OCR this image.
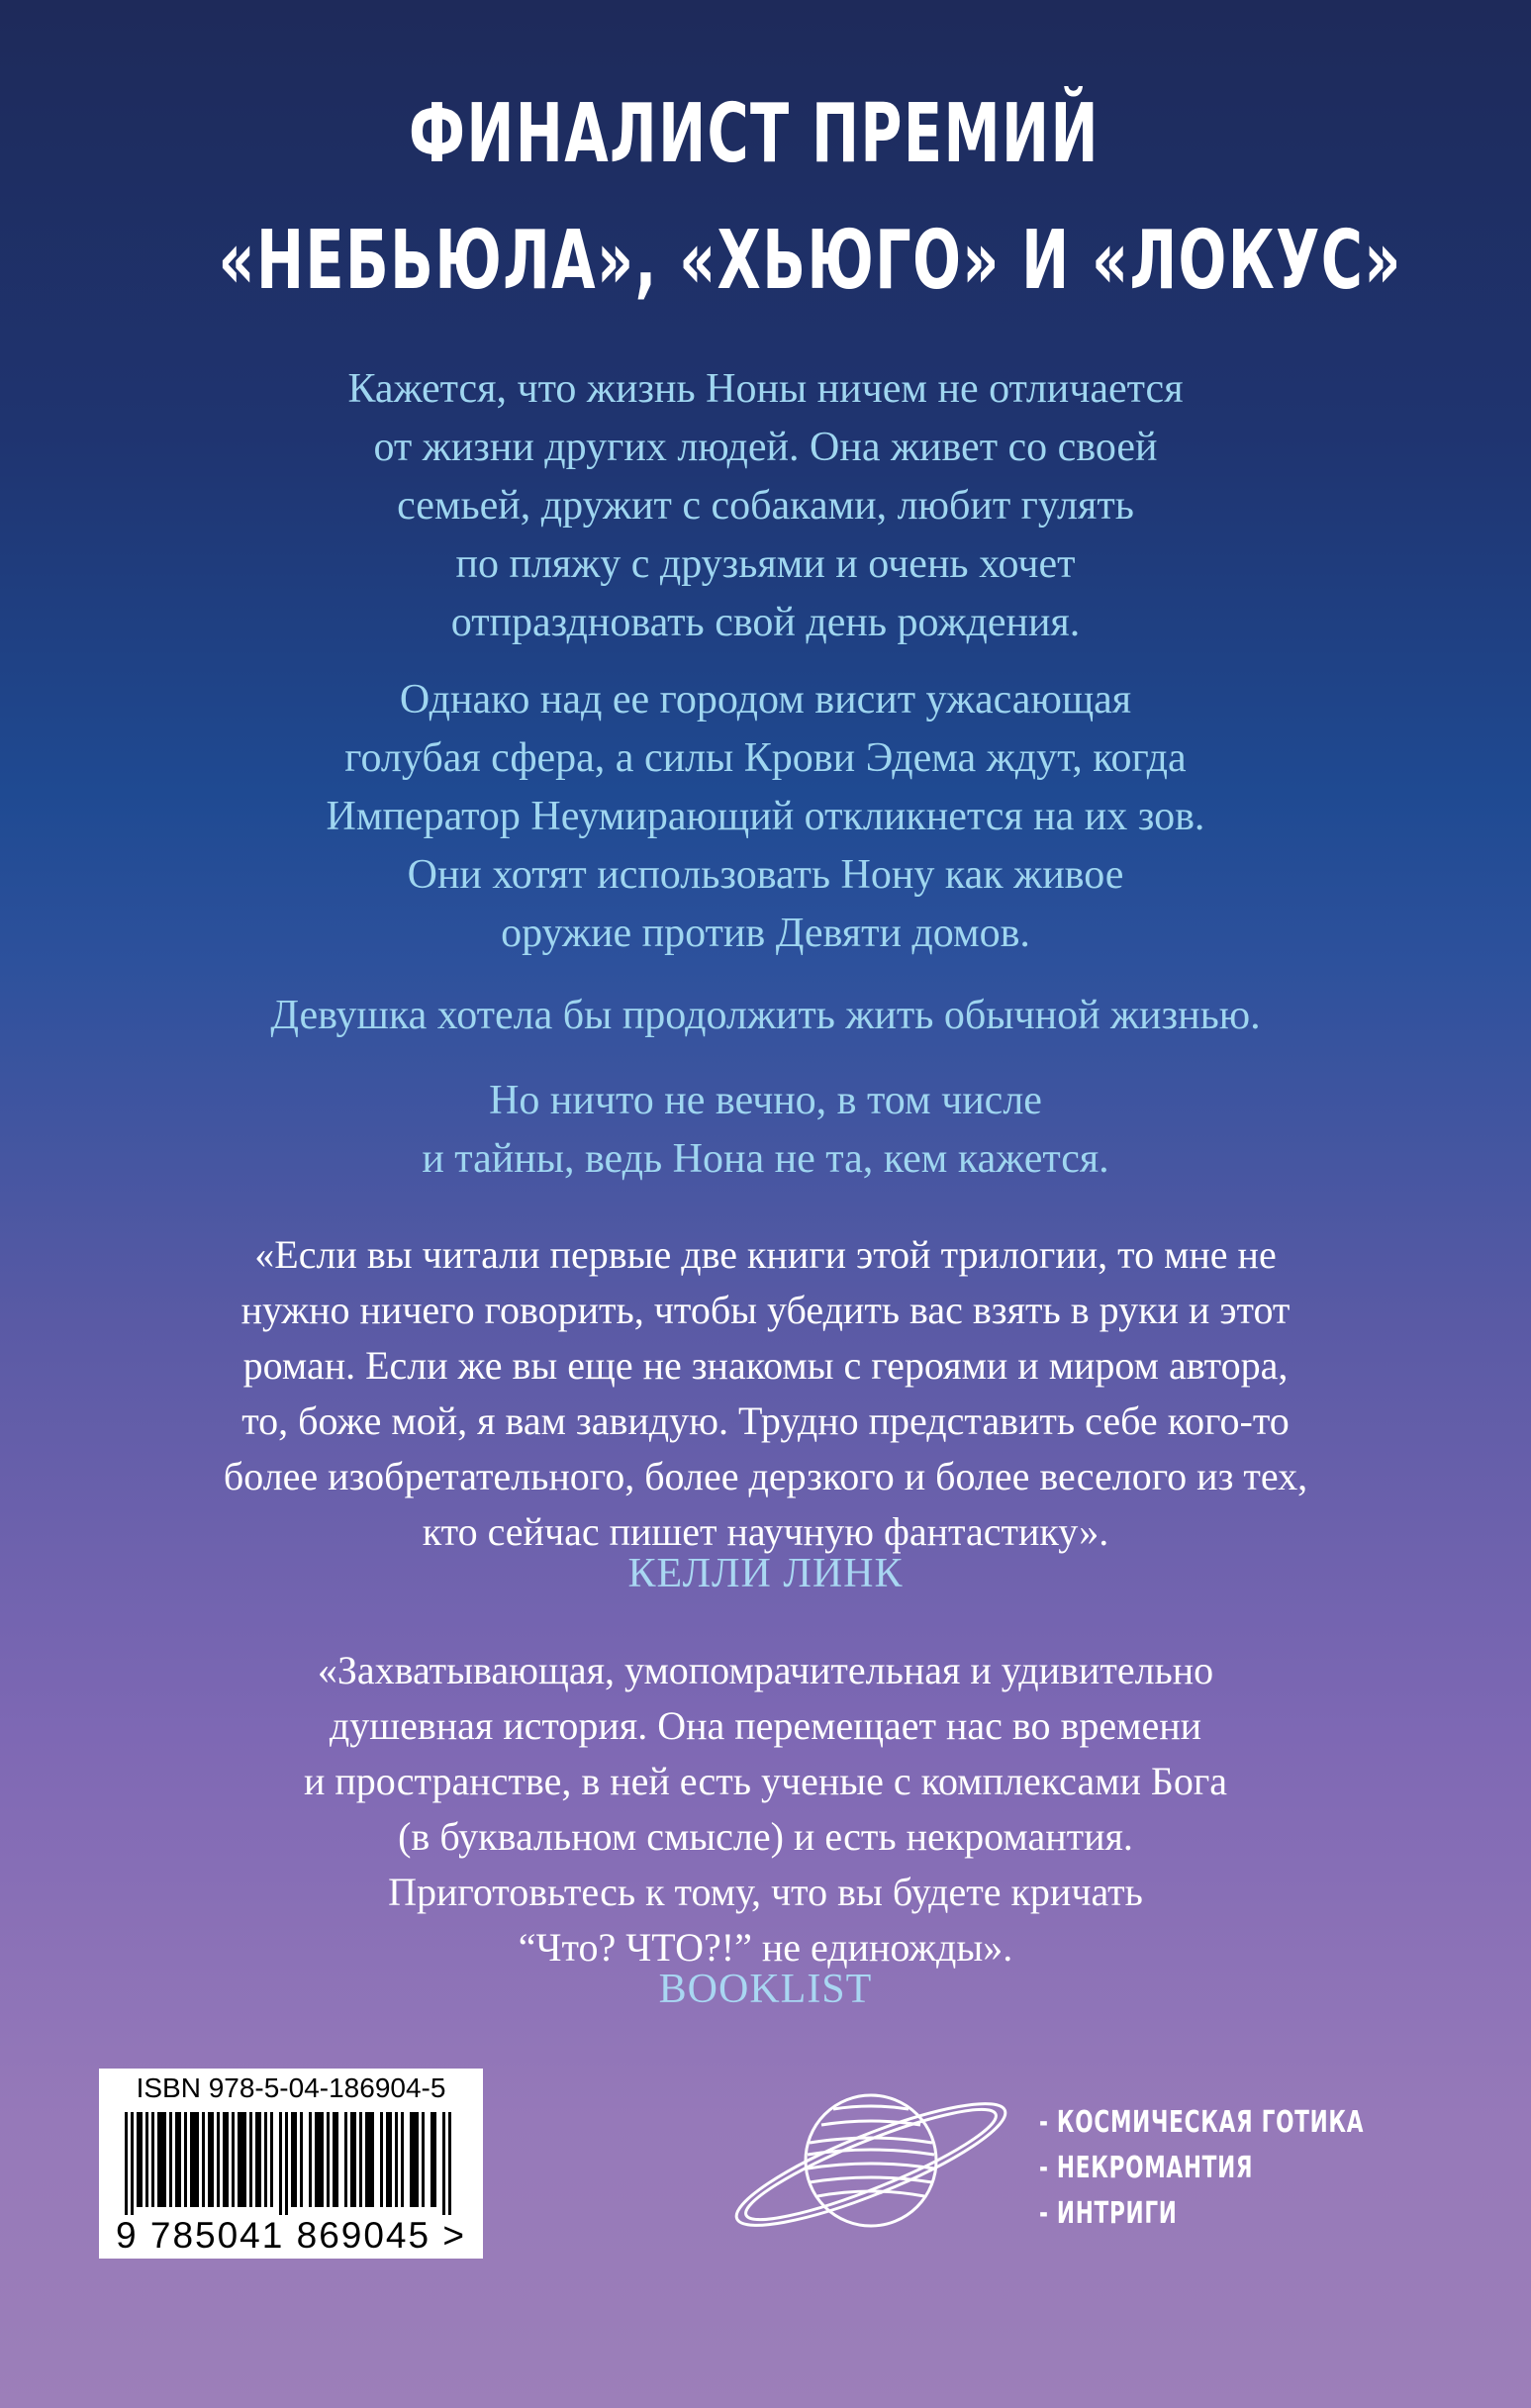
ФИНАЛИСТ ПРЕМИЙ
«НЕБЬЮЛА», «ХЬЮГО» И «ЛОКУС»

Кажется, что жизнь Ноны ничем не отличается

от жизни других людей. Она живет со своей

семьей, дружит с собаками, любит гулять

по пляжу с друзьями и очень хочет

отпраздновать свой день рождения.

Однако над ее городом висит ужасающая

голубая сфера, а силы Крови Эдема ждут, когда

Император Неумирающий откликнется на их зов.

Они хотят использовать Нону как живое

оружие против Девяти домов.

Девушка хотела бы продолжить жить обычной жизнью.

Но ничто не вечно, в том числе

и тайны, ведь Нона не та, кем кажется.

«Если вы читали первые две книги этой трилогии, то мне не

нужно ничего говорить, чтобы убедить вас взять в руки и этот

роман. Если же вы еще не знакомы с героями и миром автора,

то, боже мой, я вам завидую. Трудно представить себе кого-то

более изобретательного, более дерзкого и более веселого из тех,

кто сейчас пишет научную фантастику».

КЕЛЛИ ЛИНК

«Захватывающая, умопомрачительная и удивительно

душевная история. Она перемещает нас во времени

и пространстве, в ней есть ученые с комплексами Бога

(в буквальном смысле) и есть некромантия.

Приготовьтесь к тому, что вы будете кричать

“Что? ЧТО?!” не единожды».

BOOKLIST
ISBN 978-5-04-186904-5
9 785041 869045 >
- КОСМИЧЕСКАЯ ГОТИКА
- НЕКРОМАНТИЯ
- ИНТРИГИ
